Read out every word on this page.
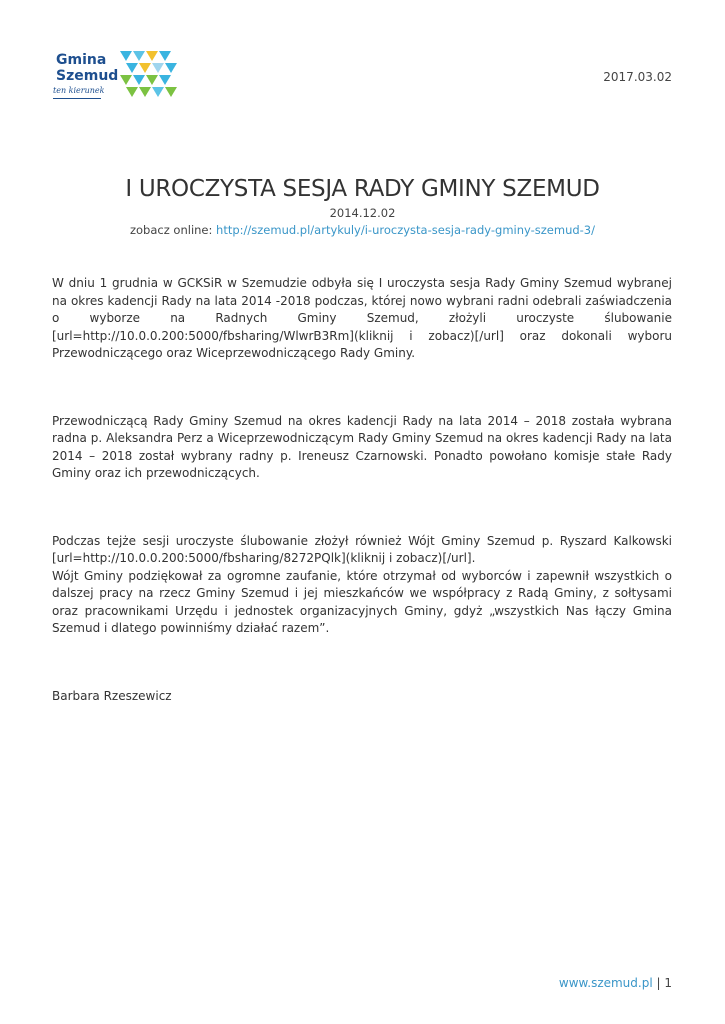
Gmina
Szemud
ten kierunek
2017.03.02
I UROCZYSTA SESJA RADY GMINY SZEMUD
2014.12.02
zobacz online: http://szemud.pl/artykuly/i-uroczysta-sesja-rady-gminy-szemud-3/

W dniu 1 grudnia w GCKSiR w Szemudzie odbyła się I uroczysta sesja Rady Gminy Szemud wybranej na okres kadencji Rady na lata 2014 -2018 podczas, której nowo wybrani radni odebrali zaświadczenia o wyborze na Radnych Gminy Szemud, złożyli uroczyste ślubowanie [url=http://10.0.0.200:5000/fbsharing/WlwrB3Rm](kliknij i zobacz)[/url] oraz dokonali wyboru Przewodniczącego oraz Wiceprzewodniczącego Rady Gminy.

Przewodniczącą Rady Gminy Szemud na okres kadencji Rady na lata 2014 – 2018 została wybrana radna p. Aleksandra Perz a Wiceprzewodniczącym Rady Gminy Szemud na okres kadencji Rady na lata 2014 – 2018 został wybrany radny p. Ireneusz Czarnowski. Ponadto powołano komisje stałe Rady Gminy oraz ich przewodniczących.

Podczas tejże sesji uroczyste ślubowanie złożył również Wójt Gminy Szemud p. Ryszard Kalkowski [url=http://10.0.0.200:5000/fbsharing/8272PQlk](kliknij i zobacz)[/url].

Wójt Gminy podziękował za ogromne zaufanie, które otrzymał od wyborców i zapewnił wszystkich o dalszej pracy na rzecz Gminy Szemud i jej mieszkańców we współpracy z Radą Gminy, z sołtysami oraz pracownikami Urzędu i jednostek organizacyjnych Gminy, gdyż „wszystkich Nas łączy Gmina Szemud i dlatego powinniśmy działać razem”.

Barbara Rzeszewicz

www.szemud.pl | 1
